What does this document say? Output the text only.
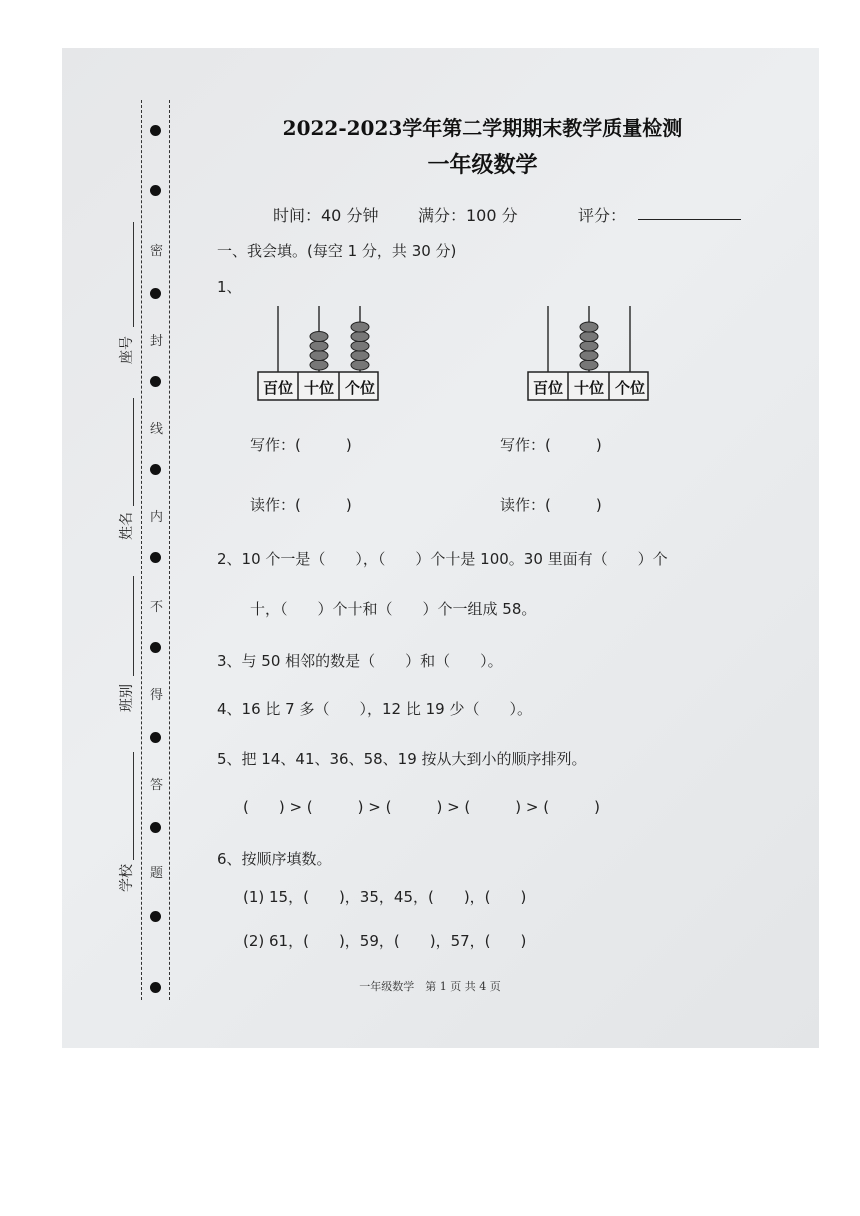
密
封
线
内
不
得
答
题
座号
姓名
班别
学校
2022-2023学年第二学期期末教学质量检测
一年级数学
时间：40 分钟 满分：100 分	评分：
一、我会填。(每空 1 分，共 30 分)
1、
百位 十位 个位	百位 十位 个位
写作：(　　　)
读作：(　　　)
写作：(　　　)
读作：(　　　)
2、10 个一是（　　），（　　）个十是 100。30 里面有（　　）个
十，（　　）个十和（　　）个一组成 58。
3、与 50 相邻的数是（　　）和（　　）。
4、16 比 7 多（　　），12 比 19 少（　　）。
5、把 14、41、36、58、19 按从大到小的顺序排列。
(　　) > (　　　) > (　　　) > (　　　) > (　　　)
6、按顺序填数。
(1) 15，(　　)，35，45，(　　)，(　　)
(2) 61，(　　)，59，(　　)，57，(　　)
一年级数学　第 1 页 共 4 页
